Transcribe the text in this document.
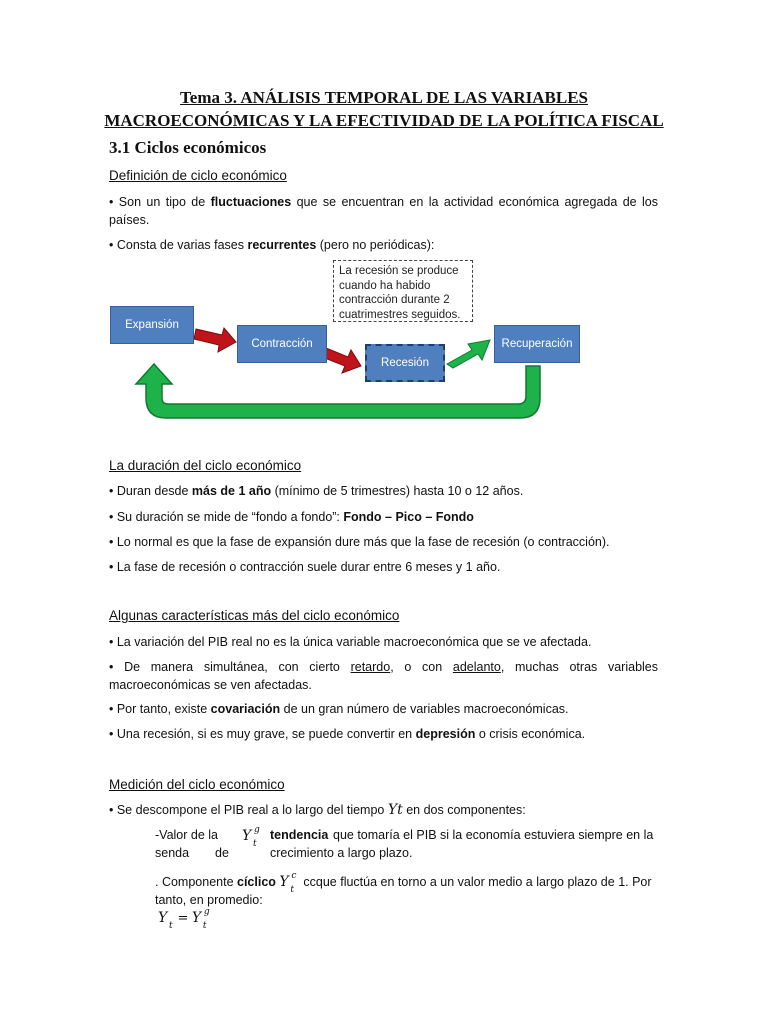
Tema 3. ANÁLISIS TEMPORAL DE LAS VARIABLES
MACROECONÓMICAS Y LA EFECTIVIDAD DE LA POLÍTICA FISCAL
3.1 Ciclos económicos
Definición de ciclo económico
• Son un tipo de fluctuaciones que se encuentran en la actividad económica agregada de los países.
• Consta de varias fases recurrentes (pero no periódicas):
La recesión se produce cuando ha habido contracción durante 2 cuatrimestres seguidos.
Expansión
Contracción
Recesión
Recuperación
La duración del ciclo económico
• Duran desde más de 1 año (mínimo de 5 trimestres) hasta 10 o 12 años.
• Su duración se mide de “fondo a fondo”: Fondo – Pico – Fondo
• Lo normal es que la fase de expansión dure más que la fase de recesión (o contracción).
• La fase de recesión o contracción suele durar entre 6 meses y 1 año.
Algunas características más del ciclo económico
• La variación del PIB real no es la única variable macroeconómica que se ve afectada.
• De manera simultánea, con cierto retardo, o con adelanto, muchas otras variables macroeconómicas se ven afectadas.
• Por tanto, existe covariación de un gran número de variables macroeconómicas.
• Una recesión, si es muy grave, se puede convertir en depresión o crisis económica.
Medición del ciclo económico
• Se descompone el PIB real a lo largo del tiempo Yt en dos componentes:
-Valor de la Y g
t
tendencia que tomaría el PIB si la economía estuviera siempre en la
senda de	crecimiento a largo plazo.
. Componente cíclico Y c
t
ccque fluctúa en torno a un valor medio a largo plazo de 1. Por tanto, en promedio:
Y t = Y g
t
